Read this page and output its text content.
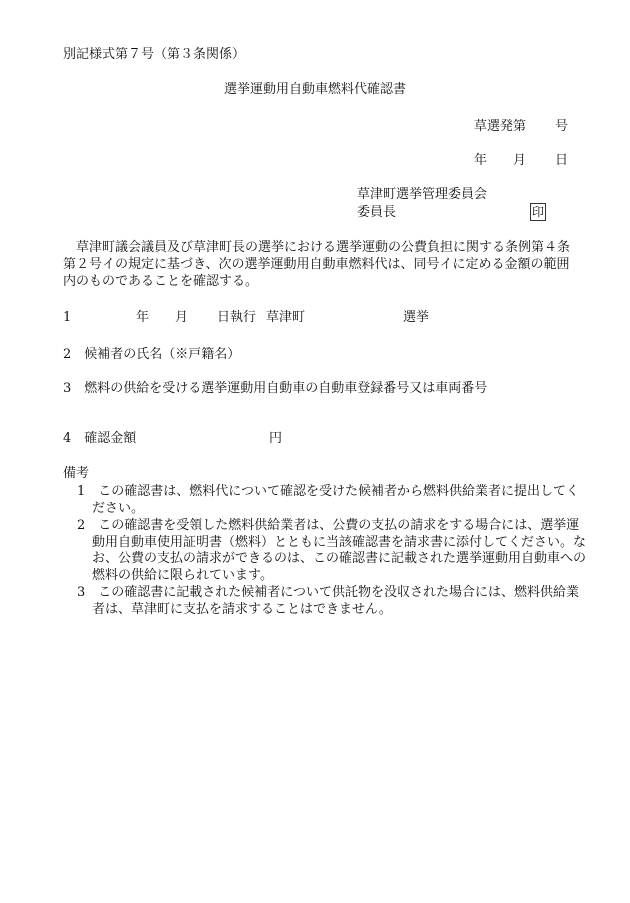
別記様式第７号（第３条関係）
選挙運動用自動車燃料代確認書
草選発第 号
年 月 日
草津町選挙管理委員会
委員長	印
草津町議会議員及び草津町長の選挙における選挙運動の公費負担に関する条例第４条第２号イの規定に基づき、次の選挙運動用自動車燃料代は、同号イに定める金額の範囲内のものであることを確認する。
1	年 月 日執行 草津町	選挙
2　候補者の氏名（※戸籍名）
3　燃料の供給を受ける選挙運動用自動車の自動車登録番号又は車両番号
4　確認金額	円
備考
1　この確認書は、燃料代について確認を受けた候補者から燃料供給業者に提出してください。
2　この確認書を受領した燃料供給業者は、公費の支払の請求をする場合には、選挙運動用自動車使用証明書（燃料）とともに当該確認書を請求書に添付してください。なお、公費の支払の請求ができるのは、この確認書に記載された選挙運動用自動車への燃料の供給に限られています。
3　この確認書に記載された候補者について供託物を没収された場合には、燃料供給業者は、草津町に支払を請求することはできません。
